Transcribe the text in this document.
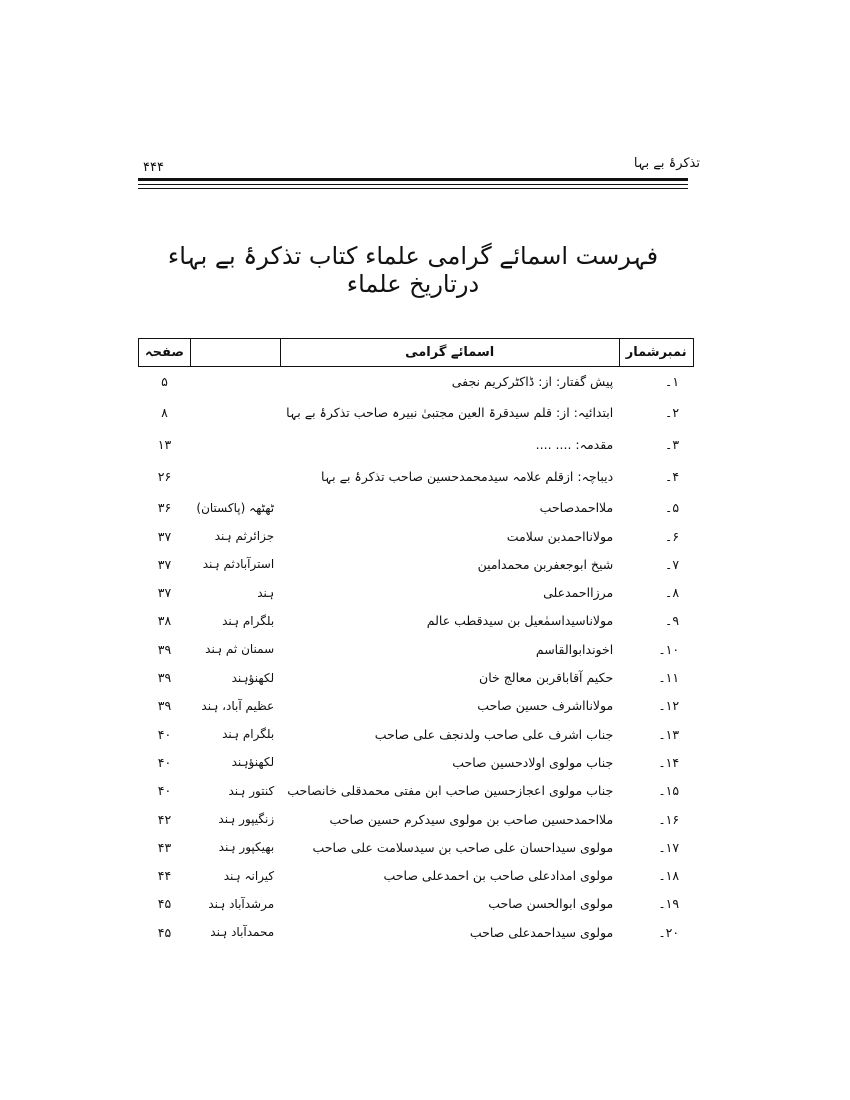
تذکرۂ بے بہا
۴۴۴
فہرست اسمائے گرامی علماء کتاب تذکرۂ بے بہاء درتاریخ علماء
نمبرشمار	اسمائے گرامی		صفحہ
۱۔	پیش گفتار: از: ڈاکٹرکریم نجفی		۵
۲۔	ابتدائیہ: از: قلم سیدقرۃ العین مجتبیٰ نبیرہ صاحب تذکرۂ بے بہا		۸
۳۔	مقدمہ: .... ....		۱۳
۴۔	دیباچہ: ازقلم علامہ سیدمحمدحسین صاحب تذکرۂ بے بہا		۲۶
۵۔	ملااحمدصاحب	ٹھٹھہ (پاکستان)	۳۶
۶۔	مولانااحمدبن سلامت	جزائرثم ہند	۳۷
۷۔	شیخ ابوجعفربن محمدامین	استرآبادثم ہند	۳۷
۸۔	مرزااحمدعلی	ہند	۳۷
۹۔	مولاناسیداسمٰعیل بن سیدقطب عالم	بلگرام ہند	۳۸
۱۰۔	اخوندابوالقاسم	سمنان ثم ہند	۳۹
۱۱۔	حکیم آقاباقربن معالج خان	لکھنؤہند	۳۹
۱۲۔	مولانااشرف حسین صاحب	عظیم آباد، ہند	۳۹
۱۳۔	جناب اشرف علی صاحب ولدنجف علی صاحب	بلگرام ہند	۴۰
۱۴۔	جناب مولوی اولادحسین صاحب	لکھنؤہند	۴۰
۱۵۔	جناب مولوی اعجازحسین صاحب ابن مفتی محمدقلی خانصاحب	کنتور ہند	۴۰
۱۶۔	ملااحمدحسین صاحب بن مولوی سیدکرم حسین صاحب	زنگیپور ہند	۴۲
۱۷۔	مولوی سیداحسان علی صاحب بن سیدسلامت علی صاحب	بھیکپور ہند	۴۳
۱۸۔	مولوی امدادعلی صاحب بن احمدعلی صاحب	کیرانہ ہند	۴۴
۱۹۔	مولوی ابوالحسن صاحب	مرشدآباد ہند	۴۵
۲۰۔	مولوی سیداحمدعلی صاحب	محمدآباد ہند	۴۵
